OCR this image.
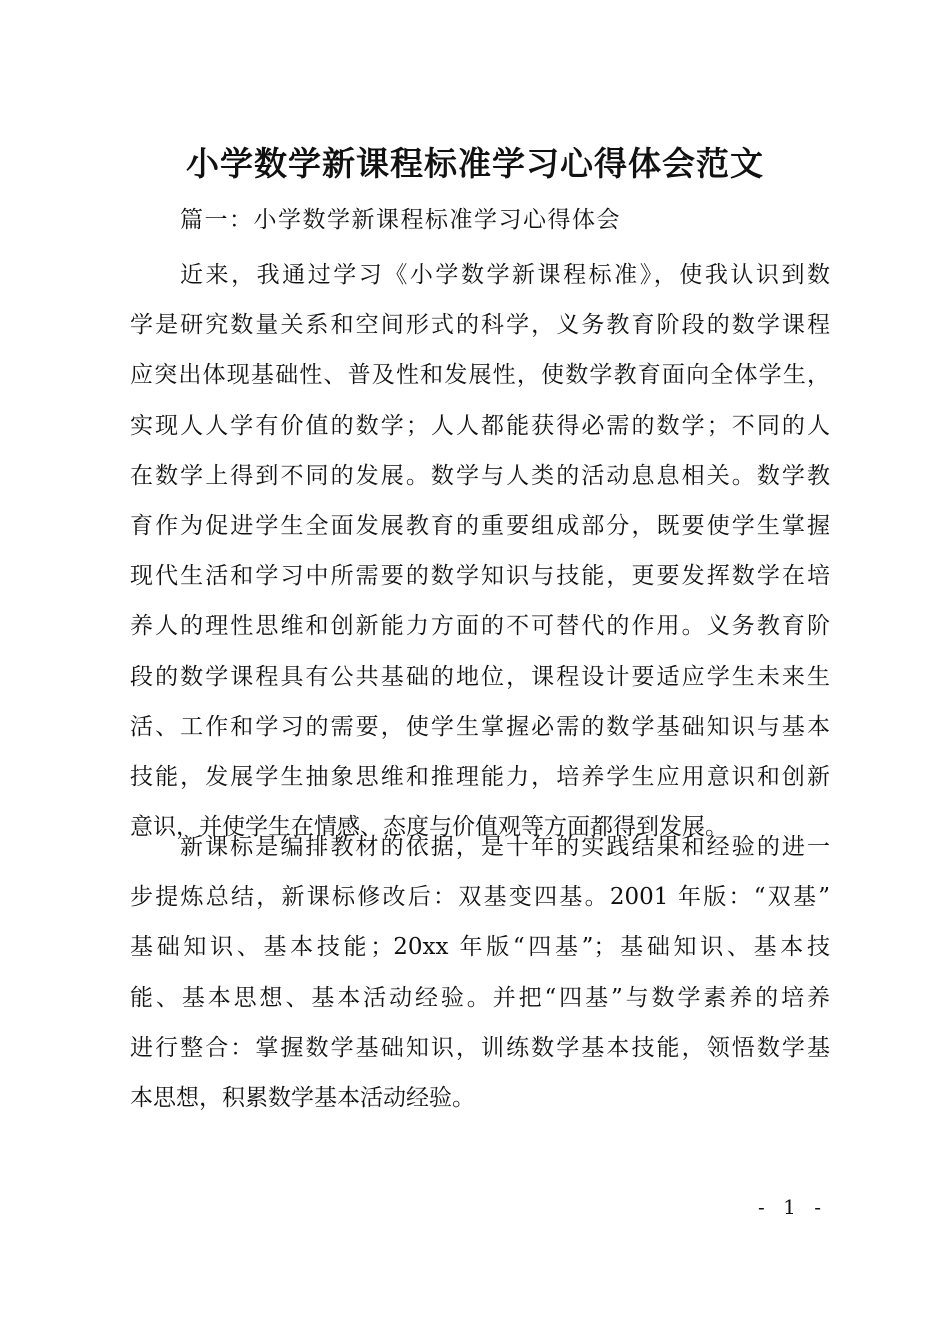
小学数学新课程标准学习心得体会范文

篇一：小学数学新课程标准学习心得体会

近来，我通过学习《小学数学新课程标准》，使我认识到数
学是研究数量关系和空间形式的科学，义务教育阶段的数学课程
应突出体现基础性、普及性和发展性，使数学教育面向全体学生，
实现人人学有价值的数学；人人都能获得必需的数学；不同的人
在数学上得到不同的发展。数学与人类的活动息息相关。数学教
育作为促进学生全面发展教育的重要组成部分，既要使学生掌握
现代生活和学习中所需要的数学知识与技能，更要发挥数学在培
养人的理性思维和创新能力方面的不可替代的作用。义务教育阶
段的数学课程具有公共基础的地位，课程设计要适应学生未来生
活、工作和学习的需要，使学生掌握必需的数学基础知识与基本
技能，发展学生抽象思维和推理能力，培养学生应用意识和创新
意识，并使学生在情感、态度与价值观等方面都得到发展。
新课标是编排教材的依据，是十年的实践结果和经验的进一
步提炼总结，新课标修改后：双基变四基。2001 年版：“双基”
基础知识、基本技能；20xx 年版“四基”；基础知识、基本技
能、基本思想、基本活动经验。并把“四基”与数学素养的培养
进行整合：掌握数学基础知识，训练数学基本技能，领悟数学基
本思想，积累数学基本活动经验。
- 1 -
